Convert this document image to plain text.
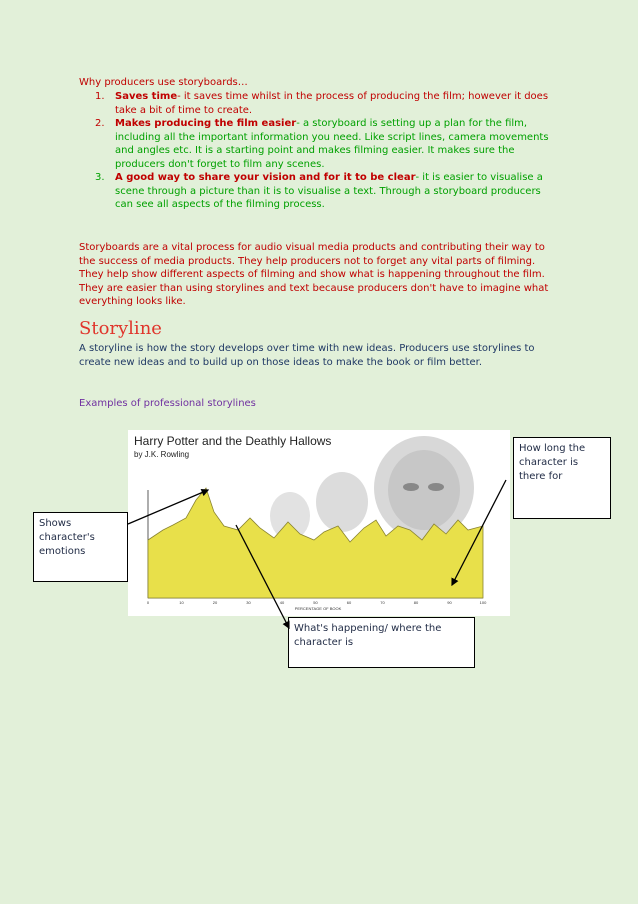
Why producers use storyboards…
1. Saves time- it saves time whilst in the process of producing the film; however it does take a bit of time to create.
2. Makes producing the film easier- a storyboard is setting up a plan for the film, including all the important information you need. Like script lines, camera movements and angles etc. It is a starting point and makes filming easier. It makes sure the producers don't forget to film any scenes.
3. A good way to share your vision and for it to be clear- it is easier to visualise a scene through a picture than it is to visualise a text. Through a storyboard producers can see all aspects of the filming process.

Storyboards are a vital process for audio visual media products and contributing their way to the success of media products. They help producers not to forget any vital parts of filming. They help show different aspects of filming and show what is happening throughout the film. They are easier than using storylines and text because producers don't have to imagine what everything looks like.

Storyline

A storyline is how the story develops over time with new ideas. Producers use storylines to create new ideas and to build up on those ideas to make the book or film better.

Examples of professional storylines
Harry Potter and the Deathly Hallows
by J.K. Rowling
0	10	20	30	40	50	60	70	80	90	100
PERCENTAGE OF BOOK
Shows character's emotions
How long the character is there for
What's happening/ where the character is
